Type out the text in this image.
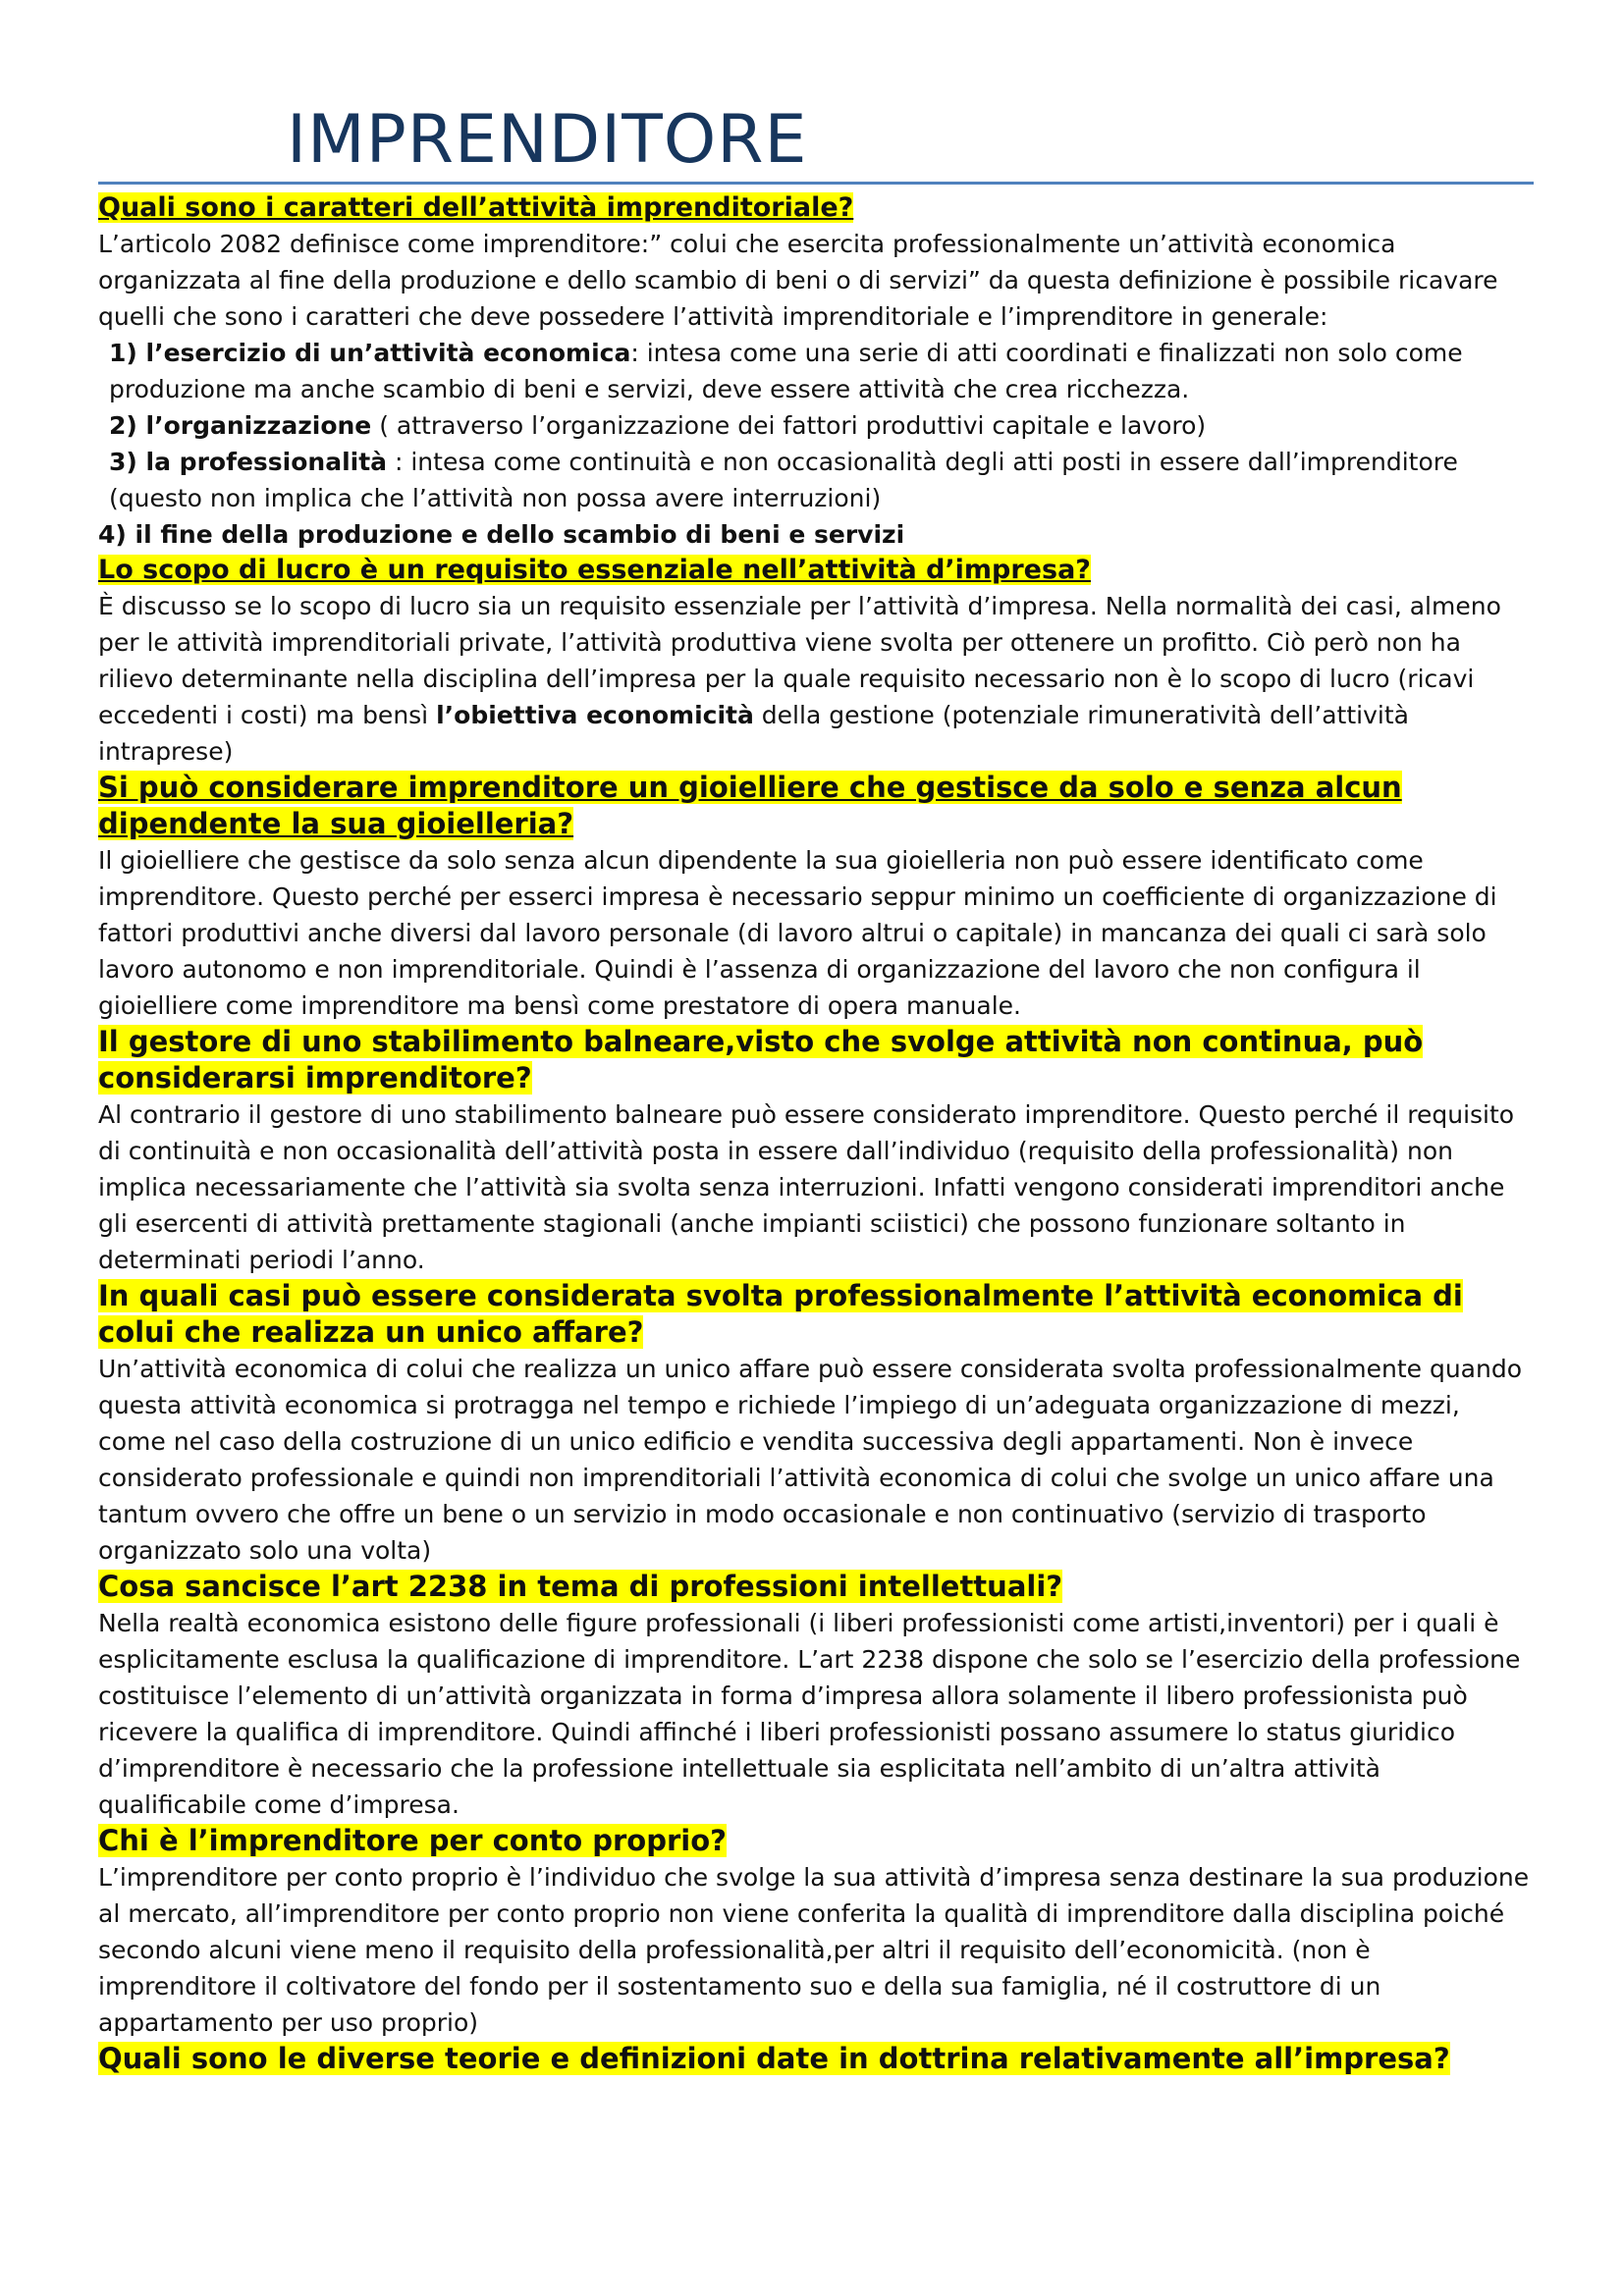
IMPRENDITORE

Quali sono i caratteri dell’attività imprenditoriale?

L’articolo 2082 definisce come imprenditore:” colui che esercita professionalmente un’attività economica organizzata al fine della produzione e dello scambio di beni o di servizi” da questa definizione è possibile ricavare quelli che sono i caratteri che deve possedere l’attività imprenditoriale e l’imprenditore in generale:

1) l’esercizio di un’attività economica: intesa come una serie di atti coordinati e finalizzati non solo come produzione ma anche scambio di beni e servizi, deve essere attività che crea ricchezza.

2) l’organizzazione ( attraverso l’organizzazione dei fattori produttivi capitale e lavoro)

3) la professionalità : intesa come continuità e non occasionalità degli atti posti in essere dall’imprenditore (questo non implica che l’attività non possa avere interruzioni)

4) il fine della produzione e dello scambio di beni e servizi

Lo scopo di lucro è un requisito essenziale nell’attività d’impresa?

È discusso se lo scopo di lucro sia un requisito essenziale per l’attività d’impresa. Nella normalità dei casi, almeno per le attività imprenditoriali private, l’attività produttiva viene svolta per ottenere un profitto. Ciò però non ha rilievo determinante nella disciplina dell’impresa per la quale requisito necessario non è lo scopo di lucro (ricavi eccedenti i costi) ma bensì l’obiettiva economicità della gestione (potenziale rimuneratività dell’attività intraprese)

Si può considerare imprenditore un gioielliere che gestisce da solo e senza alcun dipendente la sua gioielleria?

Il gioielliere che gestisce da solo senza alcun dipendente la sua gioielleria non può essere identificato come imprenditore. Questo perché per esserci impresa è necessario seppur minimo un coefficiente di organizzazione di fattori produttivi anche diversi dal lavoro personale (di lavoro altrui o capitale) in mancanza dei quali ci sarà solo lavoro autonomo e non imprenditoriale. Quindi è l’assenza di organizzazione del lavoro che non configura il gioielliere come imprenditore ma bensì come prestatore di opera manuale.

Il gestore di uno stabilimento balneare,visto che svolge attività non continua, può considerarsi imprenditore?

Al contrario il gestore di uno stabilimento balneare può essere considerato imprenditore. Questo perché il requisito di continuità e non occasionalità dell’attività posta in essere dall’individuo (requisito della professionalità) non implica necessariamente che l’attività sia svolta senza interruzioni. Infatti vengono considerati imprenditori anche gli esercenti di attività prettamente stagionali (anche impianti sciistici) che possono funzionare soltanto in determinati periodi l’anno.

In quali casi può essere considerata svolta professionalmente l’attività economica di colui che realizza un unico affare?

Un’attività economica di colui che realizza un unico affare può essere considerata svolta professionalmente quando questa attività economica si protragga nel tempo e richiede l’impiego di un’adeguata organizzazione di mezzi, come nel caso della costruzione di un unico edificio e vendita successiva degli appartamenti. Non è invece considerato professionale e quindi non imprenditoriali l’attività economica di colui che svolge un unico affare una tantum ovvero che offre un bene o un servizio in modo occasionale e non continuativo (servizio di trasporto organizzato solo una volta)

Cosa sancisce l’art 2238 in tema di professioni intellettuali?

Nella realtà economica esistono delle figure professionali (i liberi professionisti come artisti,inventori) per i quali è esplicitamente esclusa la qualificazione di imprenditore. L’art 2238 dispone che solo se l’esercizio della professione costituisce l’elemento di un’attività organizzata in forma d’impresa allora solamente il libero professionista può ricevere la qualifica di imprenditore. Quindi affinché i liberi professionisti possano assumere lo status giuridico d’imprenditore è necessario che la professione intellettuale sia esplicitata nell’ambito di un’altra attività qualificabile come d’impresa.

Chi è l’imprenditore per conto proprio?

L’imprenditore per conto proprio è l’individuo che svolge la sua attività d’impresa senza destinare la sua produzione al mercato, all’imprenditore per conto proprio non viene conferita la qualità di imprenditore dalla disciplina poiché secondo alcuni viene meno il requisito della professionalità,per altri il requisito dell’economicità. (non è imprenditore il coltivatore del fondo per il sostentamento suo e della sua famiglia, né il costruttore di un appartamento per uso proprio)

Quali sono le diverse teorie e definizioni date in dottrina relativamente all’impresa?
